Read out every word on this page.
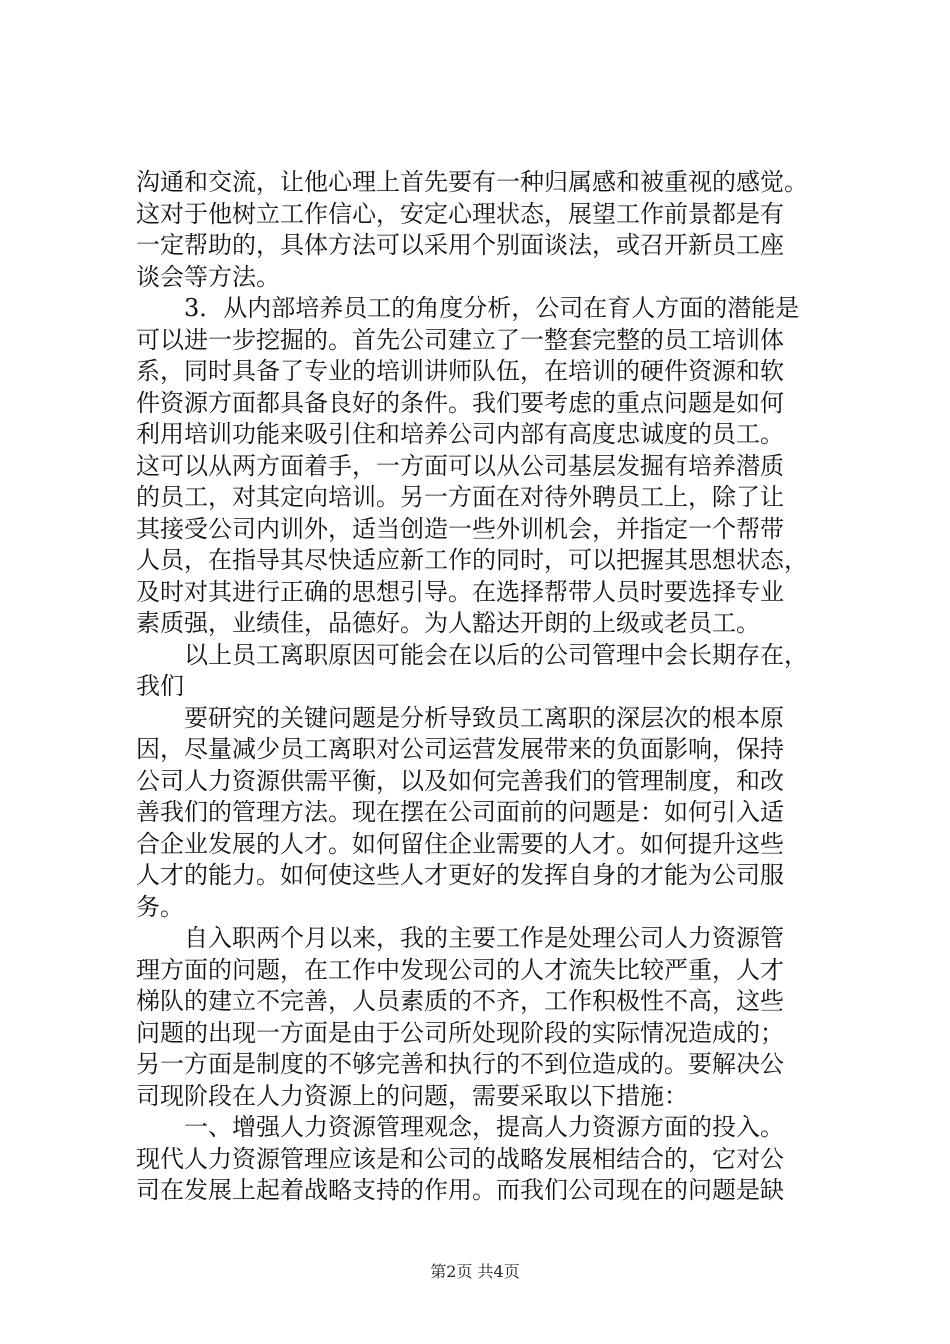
沟通和交流，让他心理上首先要有一种归属感和被重视的感觉。
这对于他树立工作信心，安定心理状态，展望工作前景都是有
一定帮助的，具体方法可以采用个别面谈法，或召开新员工座
谈会等方法。
3．从内部培养员工的角度分析，公司在育人方面的潜能是
可以进一步挖掘的。首先公司建立了一整套完整的员工培训体
系，同时具备了专业的培训讲师队伍，在培训的硬件资源和软
件资源方面都具备良好的条件。我们要考虑的重点问题是如何
利用培训功能来吸引住和培养公司内部有高度忠诚度的员工。
这可以从两方面着手，一方面可以从公司基层发掘有培养潜质
的员工，对其定向培训。另一方面在对待外聘员工上，除了让
其接受公司内训外，适当创造一些外训机会，并指定一个帮带
人员，在指导其尽快适应新工作的同时，可以把握其思想状态，
及时对其进行正确的思想引导。在选择帮带人员时要选择专业
素质强，业绩佳，品德好。为人豁达开朗的上级或老员工。
以上员工离职原因可能会在以后的公司管理中会长期存在，
我们
要研究的关键问题是分析导致员工离职的深层次的根本原
因，尽量减少员工离职对公司运营发展带来的负面影响，保持
公司人力资源供需平衡，以及如何完善我们的管理制度，和改
善我们的管理方法。现在摆在公司面前的问题是：如何引入适
合企业发展的人才。如何留住企业需要的人才。如何提升这些
人才的能力。如何使这些人才更好的发挥自身的才能为公司服
务。
自入职两个月以来，我的主要工作是处理公司人力资源管
理方面的问题，在工作中发现公司的人才流失比较严重，人才
梯队的建立不完善，人员素质的不齐，工作积极性不高，这些
问题的出现一方面是由于公司所处现阶段的实际情况造成的；
另一方面是制度的不够完善和执行的不到位造成的。要解决公
司现阶段在人力资源上的问题，需要采取以下措施：
一、增强人力资源管理观念，提高人力资源方面的投入。
现代人力资源管理应该是和公司的战略发展相结合的，它对公
司在发展上起着战略支持的作用。而我们公司现在的问题是缺
第2页 共4页
